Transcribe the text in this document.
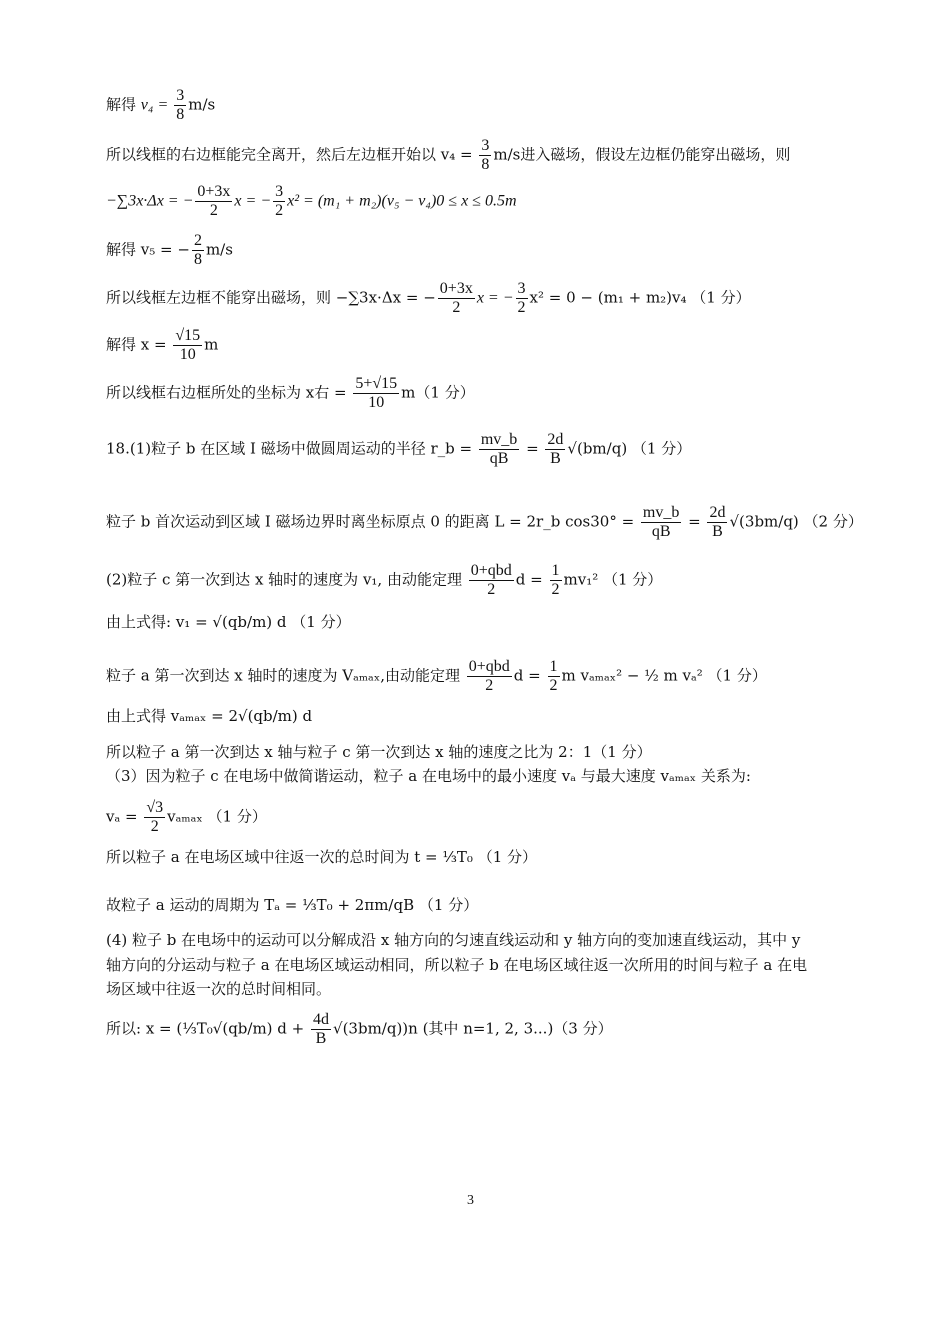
解得 $v_4 = \frac{3}{8} m/s$
所以线框的右边框能完全离开，然后左边框开始以 $v_4 = \frac{3}{8} m/s$进入磁场，假设左边框仍能穿出磁场，则
−∑3x·Δx = − $\frac{0+3x}{2}$ x = − $\frac{3}{2} x^2 = (m_1 + m_2)(v_5 - v_4)0 \le x \le 0.5m$
解得 v₅ = − $\frac{2}{8} m/s$
所以线框左边框不能穿出磁场，则 −∑3x·Δx = − $\frac{0+3x}{2}$ x = − $\frac{3}{2} x^2 = 0 - (m_1 + m_2)v_4$ （1 分）
解得 $x = \frac{√15}{10}$ m
所以线框右边框所处的坐标为 x右 = $\frac{5+√15}{10} m(1$ 分）
18.(1)粒子 b 在区域 I 磁场中做圆周运动的半径 r_b = $\frac{mv\_b}{qB} = \frac{2d}{B} √(bm/q)$ （1 分）
粒子 b 首次运动到区域 I 磁场边界时离坐标原点 0 的距离 L = 2r_b $\cos 30^\circ = \frac{mv\_b}{qB} = \frac{2d}{B} √(3bm/q)$ （2 分）
(2)粒子 c 第一次到达 x 轴时的速度为 v₁, 由动能定理 $\frac{\text{0+qbd}}{2}$ $d = \frac{1}{2} mv_1^2$ （1 分）
由上式得: v₁ = √(qb/m) d （1 分）
粒子 a 第一次到达 x 轴时的速度为 Vₐₘₐₓ,由动能定理 $\frac{\text{0+qbd}}{2}$ $d = \frac{1}{2}$ m vₐₘₐₓ² − ½ m vₐ² （1 分）
由上式得 vₐₘₐₓ = 2√(qb/m) d
所以粒子 a 第一次到达 x 轴与粒子 c 第一次到达 x 轴的速度之比为 2：1（1 分）
（3）因为粒子 c 在电场中做简谐运动，粒子 a 在电场中的最小速度 vₐ 与最大速度 vₐₘₐₓ 关系为:
$v_a = \frac{√3}{2}$ vₐₘₐₓ （1 分）
所以粒子 a 在电场区域中往返一次的总时间为 t = ⅓T₀ （1 分）
故粒子 a 运动的周期为 Tₐ = ⅓T₀ + 2πm/qB （1 分）
(4) 粒子 b 在电场中的运动可以分解成沿 x 轴方向的匀速直线运动和 y 轴方向的变加速直线运动，其中 y
轴方向的分运动与粒子 a 在电场区域运动相同，所以粒子 b 在电场区域往返一次所用的时间与粒子 a 在电
场区域中往返一次的总时间相同。
所以: x = (⅓T₀√(qb/m) $d + \frac{4d}{B} √(3bm/q))n$ (其中 n=1, 2, 3...)（3 分）
3
